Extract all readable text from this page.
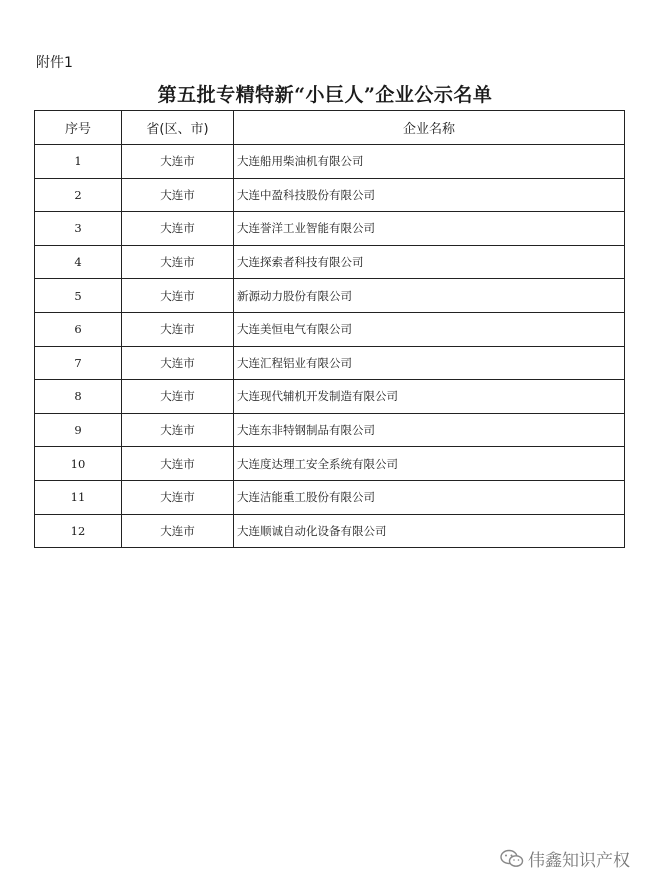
附件1
第五批专精特新“小巨人”企业公示名单
序号	省(区、市)	企业名称
1	大连市	大连船用柴油机有限公司
2	大连市	大连中盈科技股份有限公司
3	大连市	大连誉洋工业智能有限公司
4	大连市	大连探索者科技有限公司
5	大连市	新源动力股份有限公司
6	大连市	大连美恒电气有限公司
7	大连市	大连汇程铝业有限公司
8	大连市	大连现代辅机开发制造有限公司
9	大连市	大连东非特钢制品有限公司
10	大连市	大连度达理工安全系统有限公司
11	大连市	大连洁能重工股份有限公司
12	大连市	大连顺诚自动化设备有限公司
伟鑫知识产权
